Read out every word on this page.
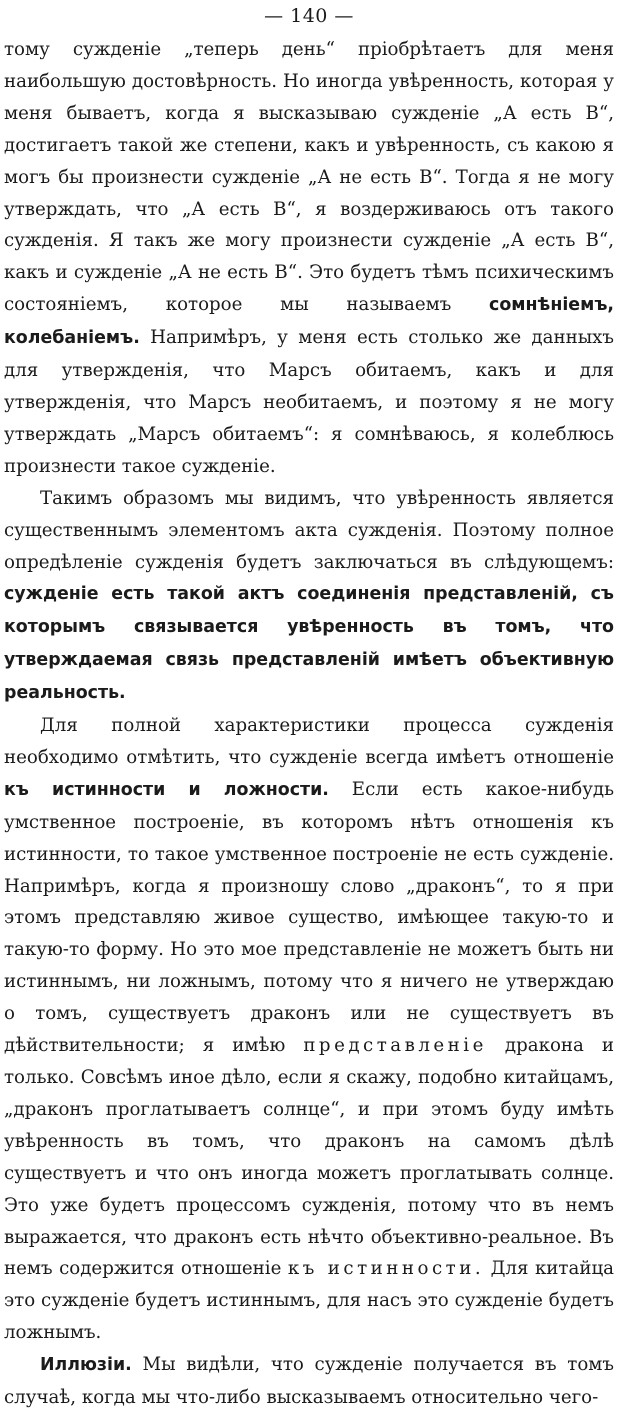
— 140 —

тому сужденіе „теперь день“ пріобрѣтаетъ для меня наибольшую достовѣрность. Но иногда увѣренность, которая у меня бываетъ, когда я высказываю сужденіе „А есть В“, достигаетъ такой же степени, какъ и увѣренность, съ какою я могъ бы произнести сужденіе „А не есть В“. Тогда я не могу утверждать, что „А есть В“, я воздерживаюсь отъ такого сужденія. Я такъ же могу произнести сужденіе „А есть В“, какъ и сужденіе „А не есть В“. Это будетъ тѣмъ психическимъ состояніемъ, которое мы называемъ сомнѣніемъ, колебаніемъ. Напримѣръ, у меня есть столько же данныхъ для утвержденія, что Марсъ обитаемъ, какъ и для утвержденія, что Марсъ необитаемъ, и поэтому я не могу утверждать „Марсъ обитаемъ“: я сомнѣваюсь, я колеблюсь произнести такое сужденіе.

Такимъ образомъ мы видимъ, что увѣренность является существеннымъ элементомъ акта сужденія. Поэтому полное опредѣленіе сужденія будетъ заключаться въ слѣдующемъ: сужденіе есть такой актъ соединенія представленій, съ которымъ связывается увѣренность въ томъ, что утверждаемая связь представленій имѣетъ объективную реальность.

Для полной характеристики процесса сужденія необходимо отмѣтить, что сужденіе всегда имѣетъ отношеніе къ истинности и ложности. Если есть какое-нибудь умственное построеніе, въ которомъ нѣтъ отношенія къ истинности, то такое умственное построеніе не есть сужденіе. Напримѣръ, когда я произношу слово „драконъ“, то я при этомъ представляю живое существо, имѣющее такую-то и такую-то форму. Но это мое представленіе не можетъ быть ни истиннымъ, ни ложнымъ, потому что я ничего не утверждаю о томъ, существуетъ драконъ или не существуетъ въ дѣйствительности; я имѣю представленіе дракона и только. Совсѣмъ иное дѣло, если я скажу, подобно китайцамъ, „драконъ проглатываетъ солнце“, и при этомъ буду имѣть увѣренность въ томъ, что драконъ на самомъ дѣлѣ существуетъ и что онъ иногда можетъ проглатывать солнце. Это уже будетъ процессомъ сужденія, потому что въ немъ выражается, что драконъ есть нѣчто объективно-реальное. Въ немъ содержится отношеніе къ истинности. Для китайца это сужденіе будетъ истиннымъ, для насъ это сужденіе будетъ ложнымъ.

Иллюзіи. Мы видѣли, что сужденіе получается въ томъ случаѣ, когда мы что-либо высказываемъ относительно чего-
